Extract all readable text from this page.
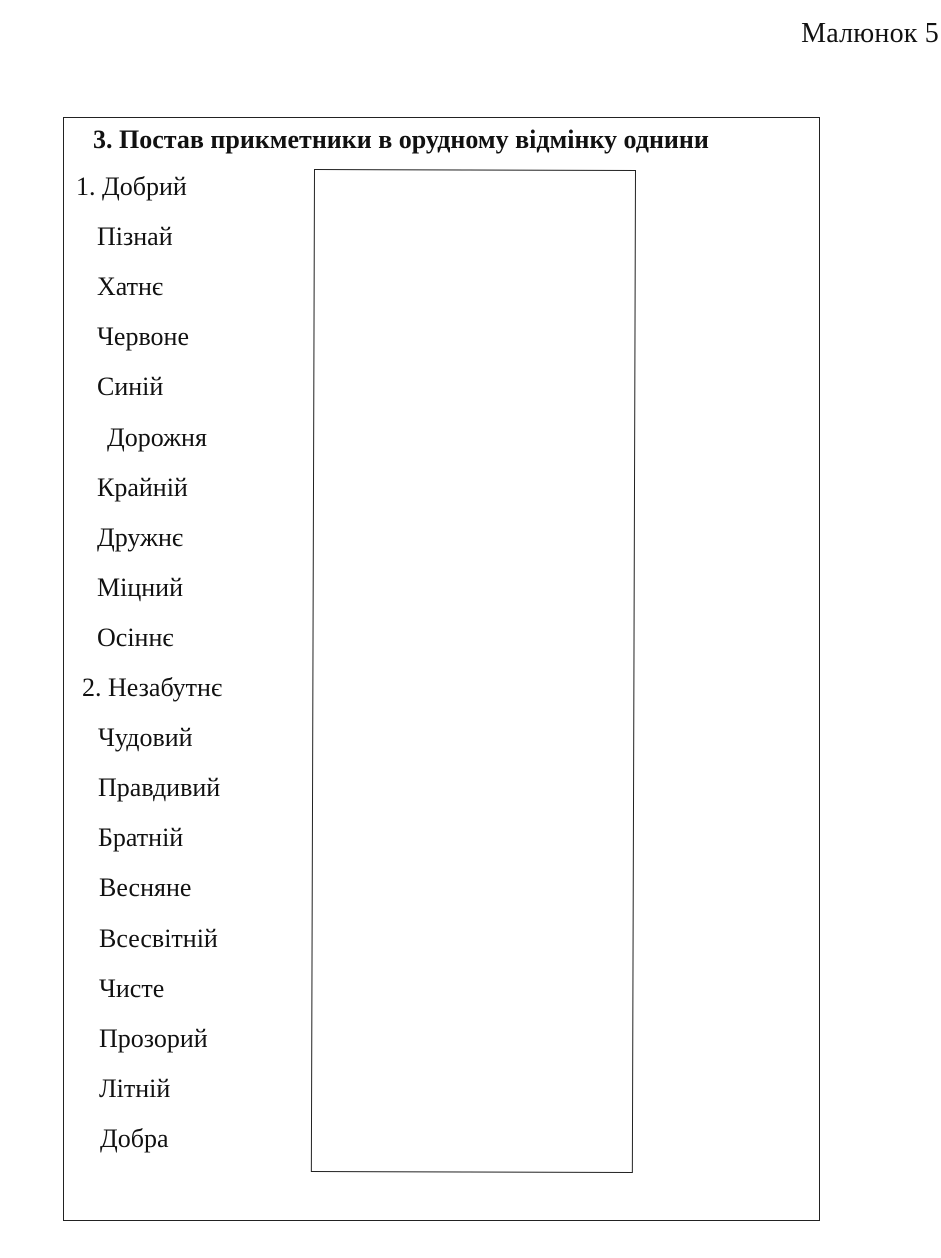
Малюнок 5
3. Постав прикметники в орудному відмінку однини
1. Добрий
Пізнай
Хатнє
Червоне
Синій
Дорожня
Крайній
Дружнє
Міцний
Осіннє
2. Незабутнє
Чудовий
Правдивий
Братній
Весняне
Всесвітній
Чисте
Прозорий
Літній
Добра
